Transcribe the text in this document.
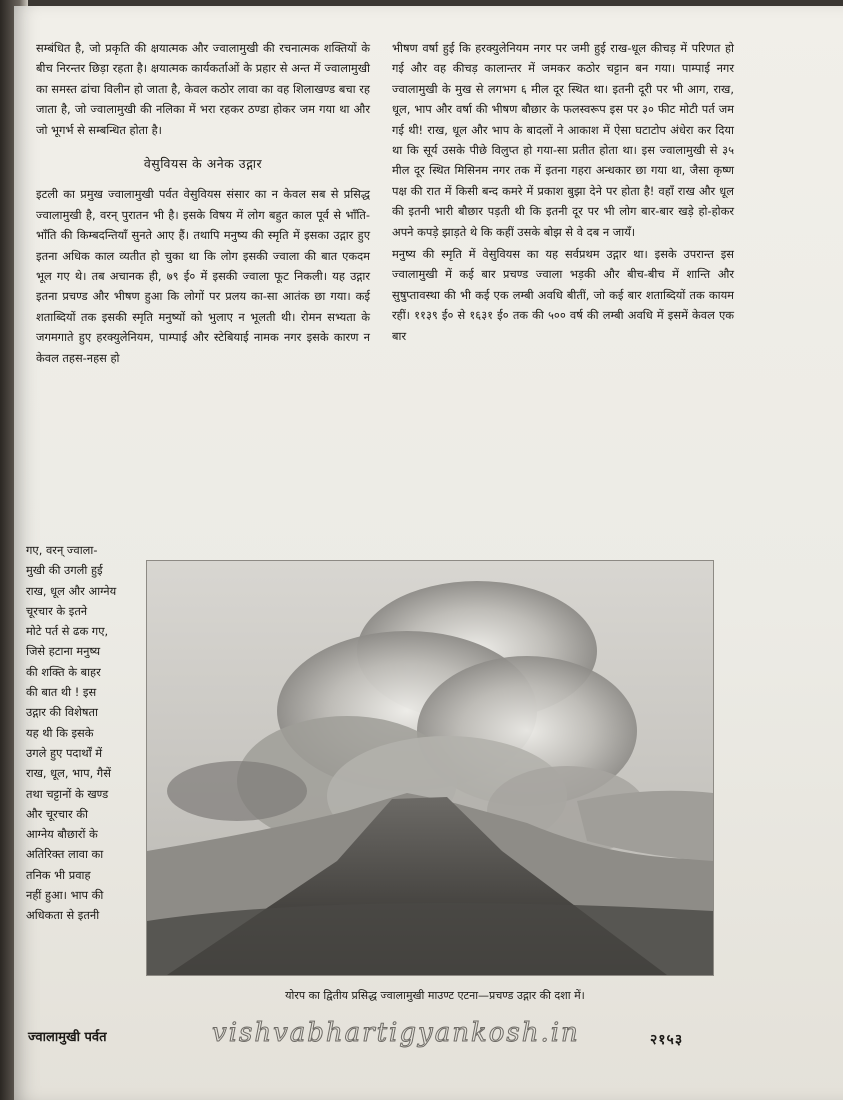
सम्बंधित है, जो प्रकृति की क्षयात्मक और ज्वालामुखी की रचनात्मक शक्तियों के बीच निरन्तर छिड़ा रहता है। क्षयात्मक कार्यकर्ताओं के प्रहार से अन्त में ज्वालामुखी का समस्त ढांचा विलीन हो जाता है, केवल कठोर लावा का वह शिलाखण्ड बचा रह जाता है, जो ज्वालामुखी की नलिका में भरा रहकर ठण्डा होकर जम गया था और जो भूगर्भ से सम्बन्धित होता है।

वेसुवियस के अनेक उद्गार

इटली का प्रमुख ज्वालामुखी पर्वत वेसुवियस संसार का न केवल सब से प्रसिद्ध ज्वालामुखी है, वरन् पुरातन भी है। इसके विषय में लोग बहुत काल पूर्व से भाँति-भाँति की किम्बदन्तियाँ सुनते आए हैं। तथापि मनुष्य की स्मृति में इसका उद्गार हुए इतना अधिक काल व्यतीत हो चुका था कि लोग इसकी ज्वाला की बात एकदम भूल गए थे। तब अचानक ही, ७९ ई० में इसकी ज्वाला फूट निकली। यह उद्गार इतना प्रचण्ड और भीषण हुआ कि लोगों पर प्रलय का-सा आतंक छा गया। कई शताब्दियों तक इसकी स्मृति मनुष्यों को भुलाए न भूलती थी। रोमन सभ्यता के जगमगाते हुए हरक्युलेनियम, पाम्पाई और स्टेबियाई नामक नगर इसके कारण न केवल तहस-नहस हो

भीषण वर्षा हुई कि हरक्युलेनियम नगर पर जमी हुई राख-धूल कीचड़ में परिणत हो गई और वह कीचड़ कालान्तर में जमकर कठोर चट्टान बन गया। पाम्पाई नगर ज्वालामुखी के मुख से लगभग ६ मील दूर स्थित था। इतनी दूरी पर भी आग, राख, धूल, भाप और वर्षा की भीषण बौछार के फलस्वरूप इस पर ३० फीट मोटी पर्त जम गई थी! राख, धूल और भाप के बादलों ने आकाश में ऐसा घटाटोप अंधेरा कर दिया था कि सूर्य उसके पीछे विलुप्त हो गया-सा प्रतीत होता था। इस ज्वालामुखी से ३५ मील दूर स्थित मिसिनम नगर तक में इतना गहरा अन्धकार छा गया था, जैसा कृष्ण पक्ष की रात में किसी बन्द कमरे में प्रकाश बुझा देने पर होता है! वहाँ राख और धूल की इतनी भारी बौछार पड़ती थी कि इतनी दूर पर भी लोग बार-बार खड़े हो-होकर अपने कपड़े झाड़ते थे कि कहीं उसके बोझ से वे दब न जायँ।

मनुष्य की स्मृति में वेसुवियस का यह सर्वप्रथम उद्गार था। इसके उपरान्त इस ज्वालामुखी में कई बार प्रचण्ड ज्वाला भड़की और बीच-बीच में शान्ति और सुषुप्तावस्था की भी कई एक लम्बी अवधि बीतीं, जो कई बार शताब्दियों तक कायम रहीं। ११३९ ई० से १६३१ ई० तक की ५०० वर्ष की लम्बी अवधि में इसमें केवल एक बार

गए, वरन् ज्वाला-

मुखी की उगली हुई

राख, धूल और आग्नेय

चूरचार के इतने

मोटे पर्त से ढक गए,

जिसे हटाना मनुष्य

की शक्ति के बाहर

की बात थी ! इस

उद्गार की विशेषता

यह थी कि इसके

उगले हुए पदार्थों में

राख, धूल, भाप, गैसें

तथा चट्टानों के खण्ड

और चूरचार की

आग्नेय बौछारों के

अतिरिक्त लावा का

तनिक भी प्रवाह

नहीं हुआ। भाप की

अधिकता से इतनी

योरप का द्वितीय प्रसिद्ध ज्वालामुखी माउण्ट एटना—प्रचण्ड उद्गार की दशा में।
ज्वालामुखी पर्वत	vishvabhartigyankosh.in	२१५३
